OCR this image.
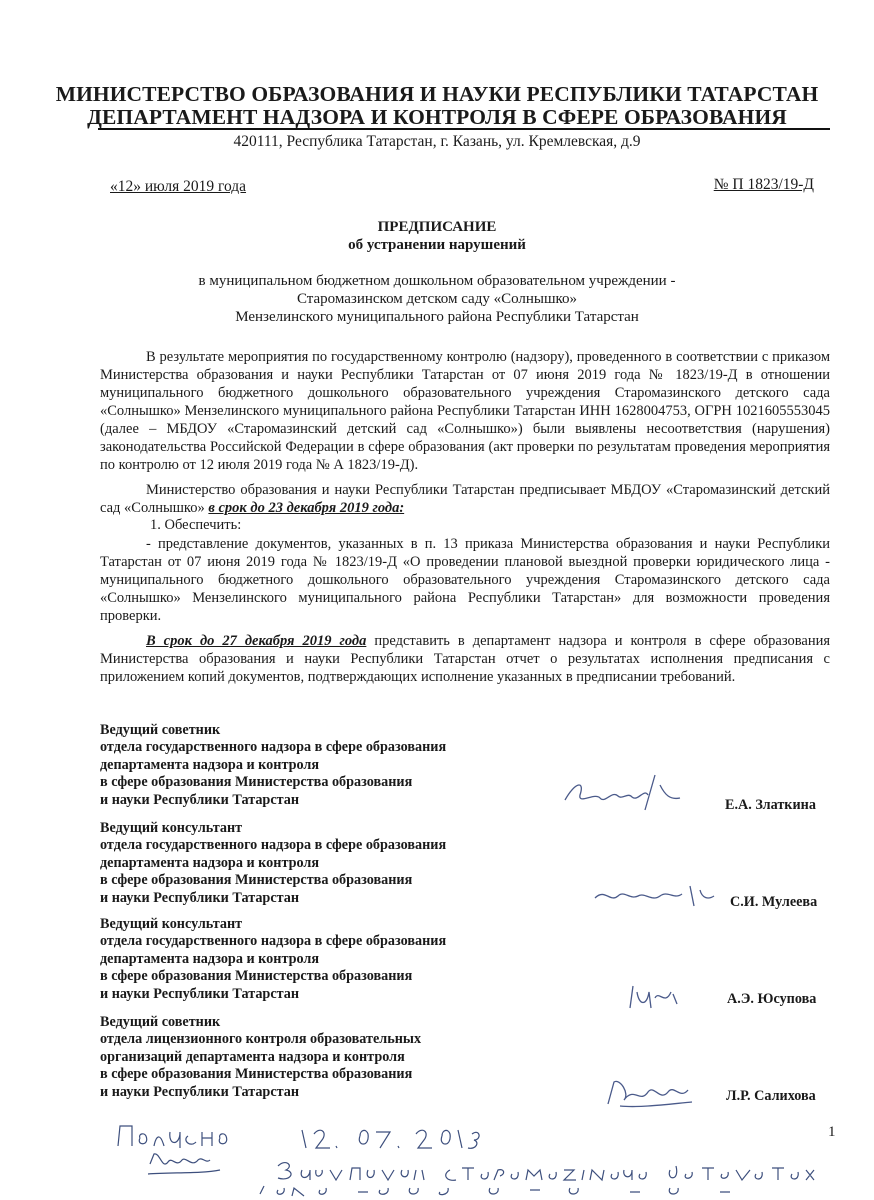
МИНИСТЕРСТВО ОБРАЗОВАНИЯ И НАУКИ РЕСПУБЛИКИ ТАТАРСТАН
ДЕПАРТАМЕНТ НАДЗОРА И КОНТРОЛЯ В СФЕРЕ ОБРАЗОВАНИЯ
420111, Республика Татарстан, г. Казань, ул. Кремлевская, д.9
«12» июля 2019 года	№ П 1823/19-Д
ПРЕДПИСАНИЕ
об устранении нарушений
в муниципальном бюджетном дошкольном образовательном учреждении -
Старомазинском детском саду «Солнышко»
Мензелинского муниципального района Республики Татарстан
В результате мероприятия по государственному контролю (надзору), проведенного в соответствии с приказом Министерства образования и науки Республики Татарстан от 07 июня 2019 года № 1823/19-Д в отношении муниципального бюджетного дошкольного образовательного учреждения Старомазинского детского сада «Солнышко» Мензелинского муниципального района Республики Татарстан ИНН 1628004753, ОГРН 1021605553045 (далее – МБДОУ «Старомазинский детский сад «Солнышко») были выявлены несоответствия (нарушения) законодательства Российской Федерации в сфере образования (акт проверки по результатам проведения мероприятия по контролю от 12 июля 2019 года № А 1823/19-Д).
Министерство образования и науки Республики Татарстан предписывает МБДОУ «Старомазинский детский сад «Солнышко» в срок до 23 декабря 2019 года:
1. Обеспечить:
- представление документов, указанных в п. 13 приказа Министерства образования и науки Республики Татарстан от 07 июня 2019 года № 1823/19-Д «О проведении плановой выездной проверки юридического лица - муниципального бюджетного дошкольного образовательного учреждения Старомазинского детского сада «Солнышко» Мензелинского муниципального района Республики Татарстан» для возможности проведения проверки.
В срок до 27 декабря 2019 года представить в департамент надзора и контроля в сфере образования Министерства образования и науки Республики Татарстан отчет о результатах исполнения предписания с приложением копий документов, подтверждающих исполнение указанных в предписании требований.
Ведущий советник
отдела государственного надзора в сфере образования
департамента надзора и контроля
в сфере образования Министерства образования
и науки Республики Татарстан	Е.А. Златкина
Ведущий консультант
отдела государственного надзора в сфере образования
департамента надзора и контроля
в сфере образования Министерства образования
и науки Республики Татарстан	С.И. Мулеева
Ведущий консультант
отдела государственного надзора в сфере образования
департамента надзора и контроля
в сфере образования Министерства образования
и науки Республики Татарстан	А.Э. Юсупова
Ведущий советник
отдела лицензионного контроля образовательных
организаций департамента надзора и контроля
в сфере образования Министерства образования
и науки Республики Татарстан	Л.Р. Салихова
1
